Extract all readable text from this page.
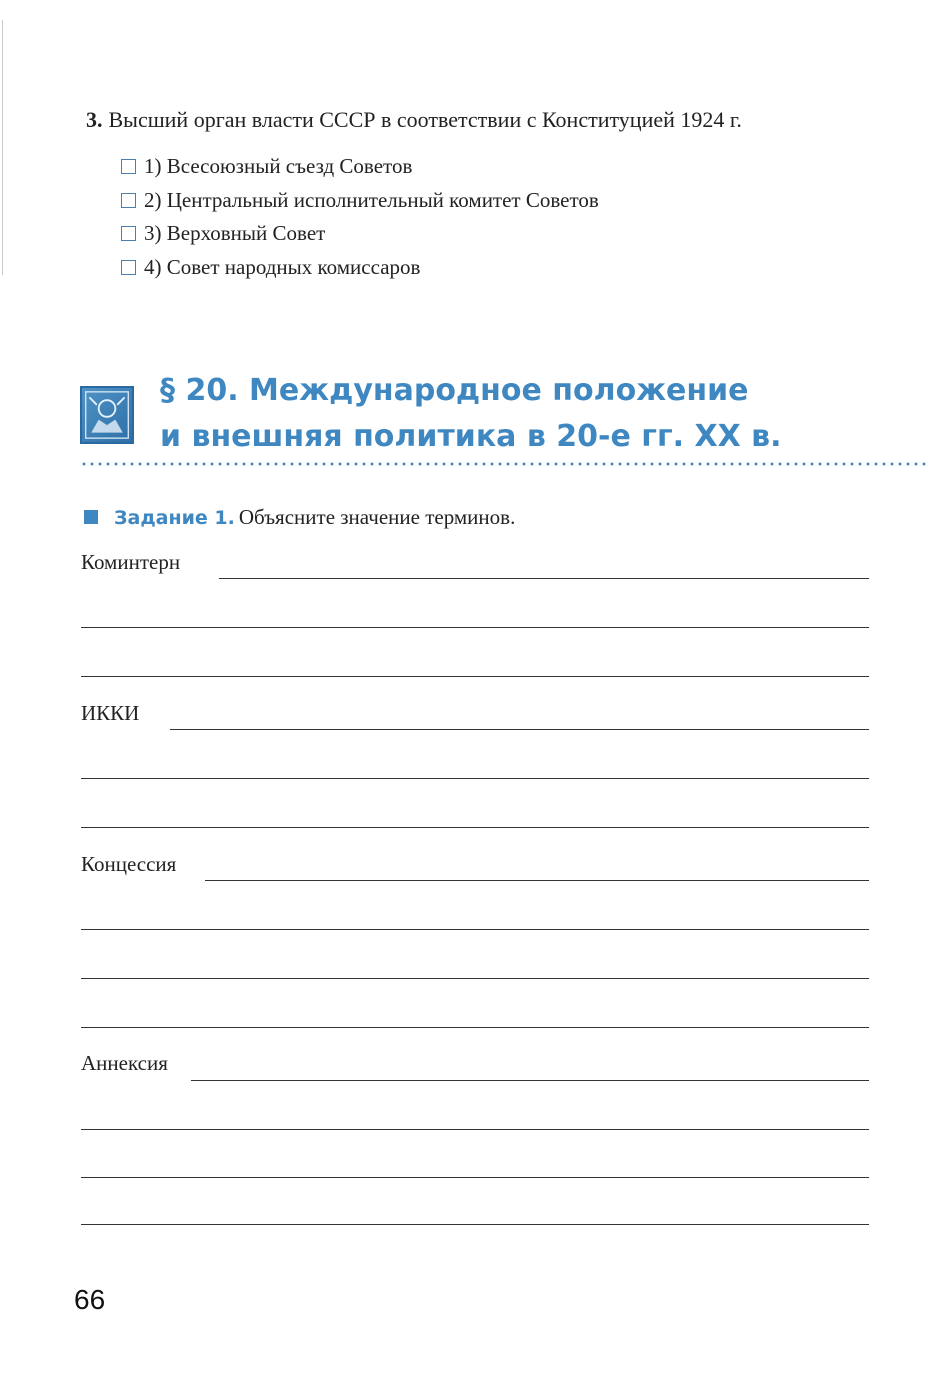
3. Высший орган власти СССР в соответствии с Конституцией 1924 г.
1) Всесоюзный съезд Советов
2) Центральный исполнительный комитет Советов
3) Верховный Совет
4) Совет народных комиссаров
§ 20. Международное положение
и внешняя политика в 20-е гг. XX в.
Задание 1. Объясните значение терминов.
Коминтерн
ИККИ
Концессия
Аннексия
66
